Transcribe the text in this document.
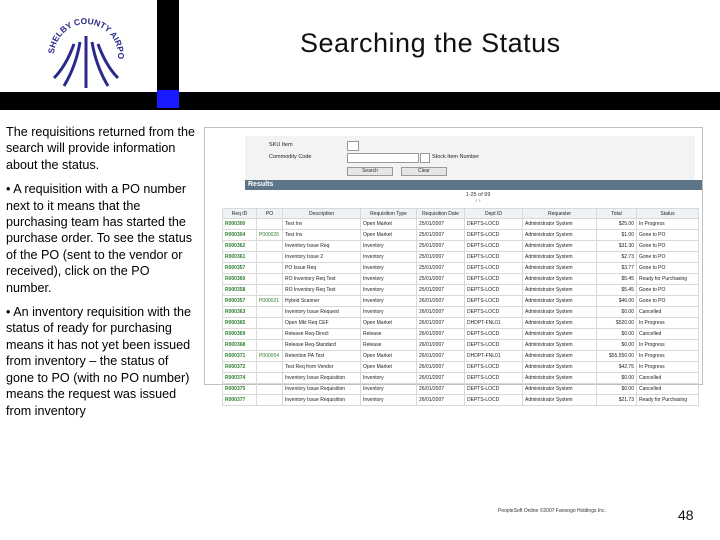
SHELBY COUNTY AIRPO	Searching the Status

The requisitions returned from the search will provide information about the status.

• A requisition with a PO number next to it means that the purchasing team has started the purchase order. To see the status of the PO (sent to the vendor or received), click on the PO number.

• An inventory requisition with the status of ready for purchasing means it has not yet been issued from inventory – the status of gone to PO (with no PO number) means the request was issued from inventory

SKU Item
Commodity Code	Stock Item Number
Search	Clear
Results
1-25 of 99
‹ ›
Req ID	PO	Description	Requisition Type	Requisition Date	Dept ID	Requester	Total	Status
R000300		Test Inv	Open Market	25/01/2007	DEPTS-LOCD	Administrator System	$25.00	In Progress
R000304	P000026	Test Inv	Open Market	25/01/2007	DEPTS-LOCD	Administrator System	$1.00	Gone to PO
R000362		Inventory Issue Req	Inventory	25/01/2007	DEPTS-LOCD	Administrator System	$31.30	Gone to PO
R000361		Inventory Issue 2	Inventory	25/01/2007	DEPTS-LOCD	Administrator System	$2.73	Gone to PO
R000357		PO Issue Req	Inventory	25/01/2007	DEPTS-LOCD	Administrator System	$3.77	Gone to PO
R000360		RO Inventory Req Test	Inventory	25/01/2007	DEPTS-LOCD	Administrator System	$5.45	Ready for Purchasing
R000358		RO Inventory Req Test	Inventory	25/01/2007	DEPTS-LOCD	Administrator System	$5.45	Gone to PO
R000357	P000021	Hybrid Scanner	Inventory	26/01/2007	DEPTS-LOCD	Administrator System	$46.00	Gone to PO
R000363		Inventory Issue Request	Inventory	26/01/2007	DEPTS-LOCD	Administrator System	$0.00	Cancelled
R000365		Open Mkt Req CEF	Open Market	26/01/2007	DHDPT-FNL01	Administrator System	$520.00	In Progress
R000369		Release Req-Direct	Release	26/01/2007	DEPTS-LOCD	Administrator System	$0.00	Cancelled
R000368		Release Req-Standard	Release	26/01/2007	DEPTS-LOCD	Administrator System	$0.00	In Progress
R000371	P000054	Retention PA Test	Open Market	26/01/2007	DHDPT-FNL01	Administrator System	$55,550.00	In Progress
R000372		Test Req from Vendor	Open Market	26/01/2007	DEPTS-LOCD	Administrator System	$42.75	In Progress
R000374		Inventory Issue Requisition	Inventory	26/01/2007	DEPTS-LOCD	Administrator System	$0.00	Cancelled
R000375		Inventory Issue Requisition	Inventory	26/01/2007	DEPTS-LOCD	Administrator System	$0.00	Cancelled
R000377		Inventory Issue Requisition	Inventory	26/01/2007	DEPTS-LOCD	Administrator System	$21.73	Ready for Purchasing
PeopleSoft Online ©2007 Fanoogo Holdings Inc.	48
